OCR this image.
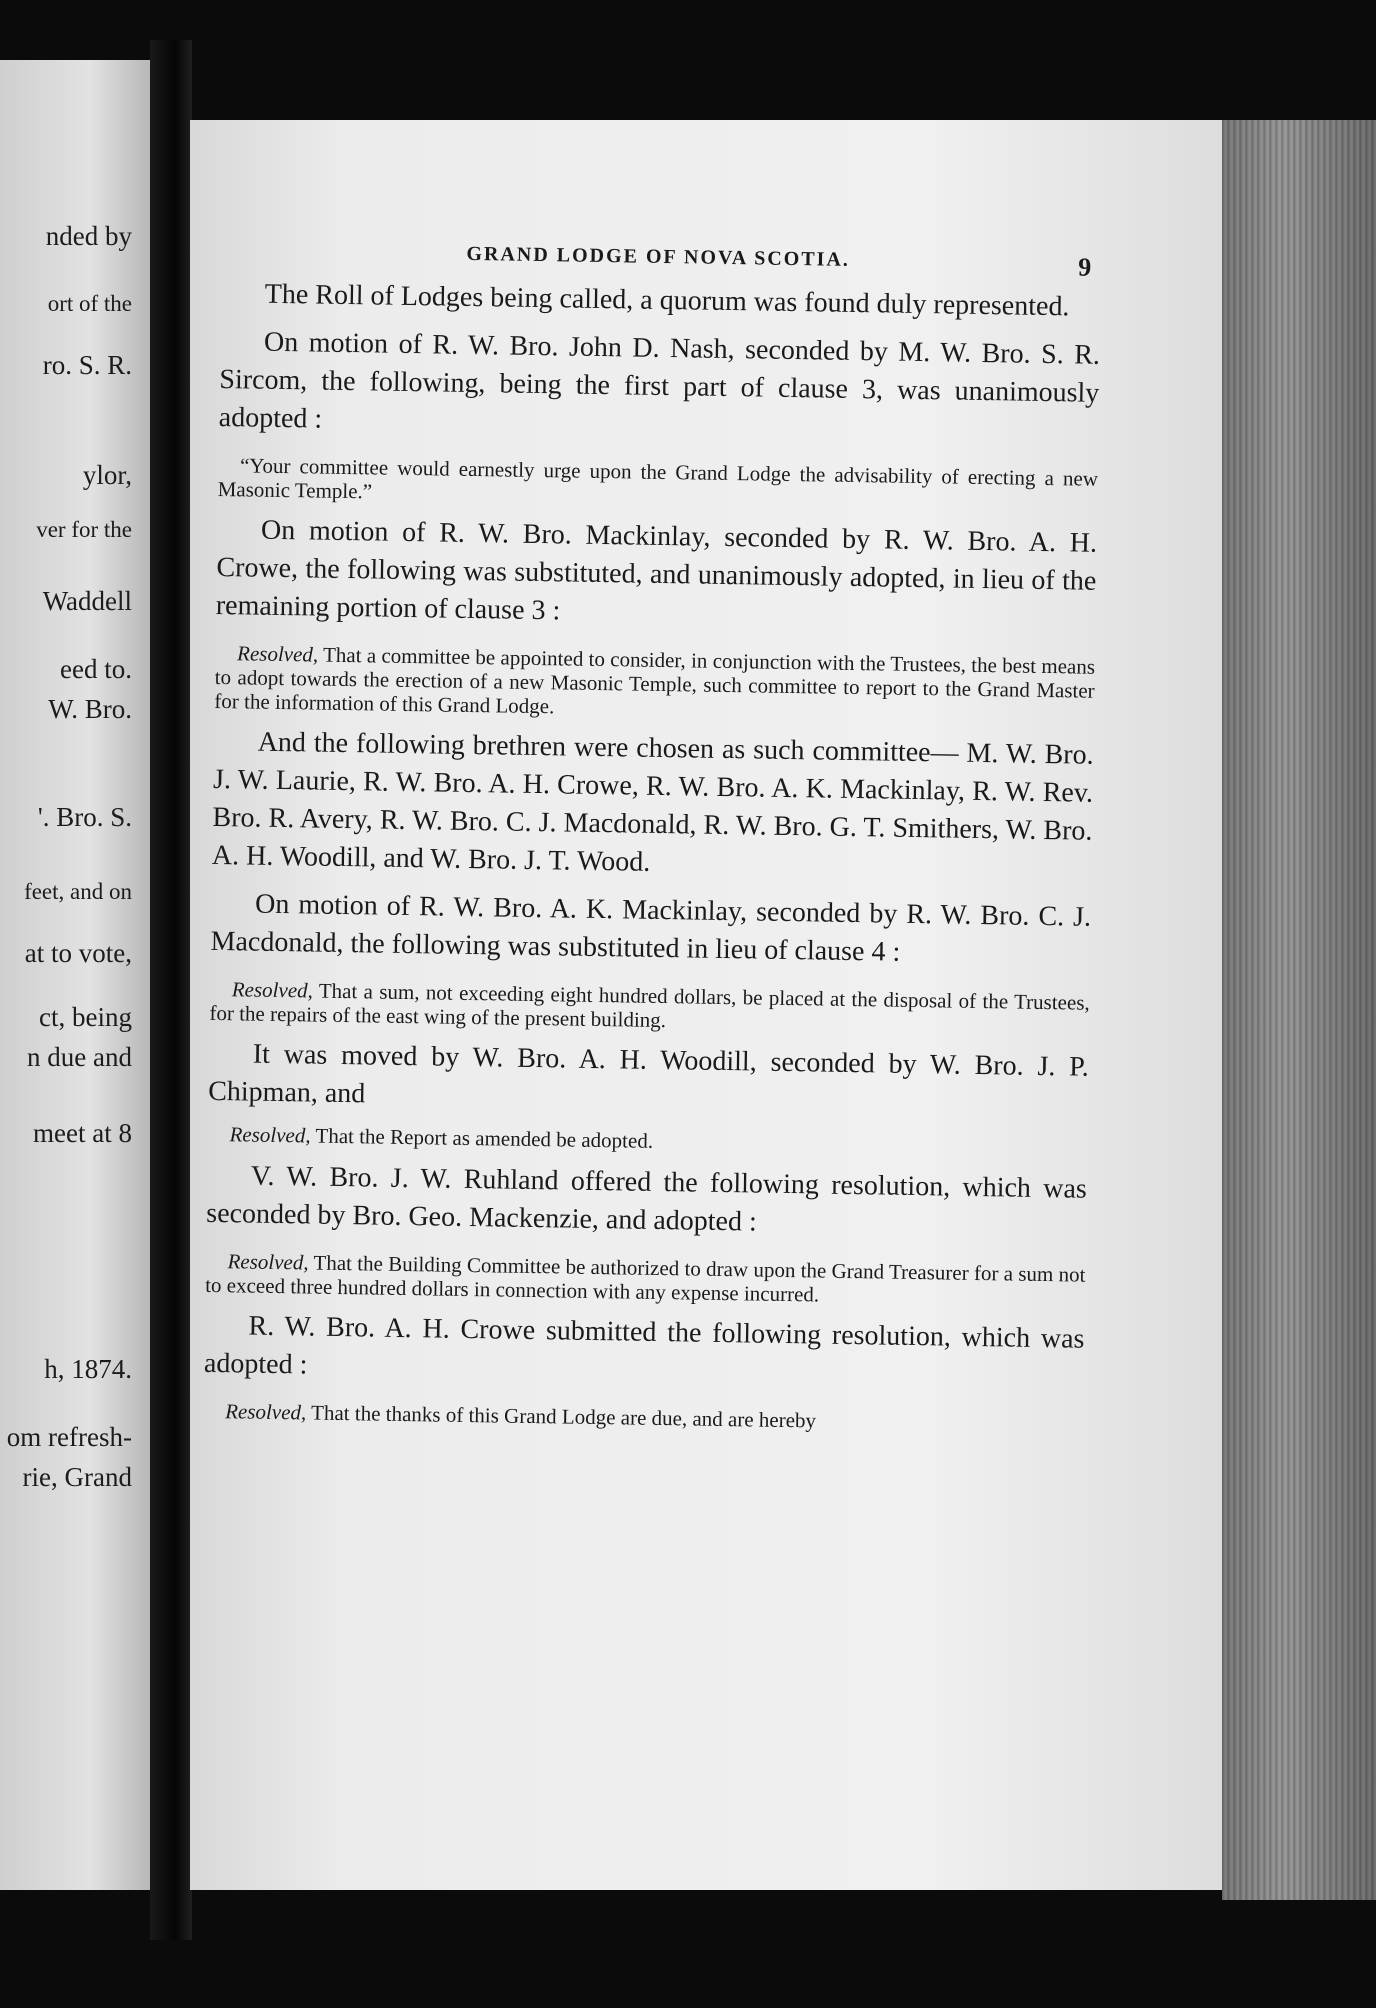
nded by
ort of the
ro. S. R.
ylor,
ver for the
Waddell
eed to.
W. Bro.
'. Bro. S.
feet, and on
at to vote,
ct, being
n due and
meet at 8
h, 1874.
om refresh-
rie, Grand
GRAND LODGE OF NOVA SCOTIA.	9

The Roll of Lodges being called, a quorum was found duly represented.

On motion of R. W. Bro. John D. Nash, seconded by M. W. Bro. S. R. Sircom, the following, being the first part of clause 3, was unanimously adopted :

“Your committee would earnestly urge upon the Grand Lodge the advisability of erecting a new Masonic Temple.”

On motion of R. W. Bro. Mackinlay, seconded by R. W. Bro. A. H. Crowe, the following was substituted, and unanimously adopted, in lieu of the remaining portion of clause 3 :

Resolved, That a committee be appointed to consider, in conjunction with the Trustees, the best means to adopt towards the erection of a new Masonic Temple, such committee to report to the Grand Master for the information of this Grand Lodge.

And the following brethren were chosen as such committee— M. W. Bro. J. W. Laurie, R. W. Bro. A. H. Crowe, R. W. Bro. A. K. Mackinlay, R. W. Rev. Bro. R. Avery, R. W. Bro. C. J. Macdonald, R. W. Bro. G. T. Smithers, W. Bro. A. H. Woodill, and W. Bro. J. T. Wood.

On motion of R. W. Bro. A. K. Mackinlay, seconded by R. W. Bro. C. J. Macdonald, the following was substituted in lieu of clause 4 :

Resolved, That a sum, not exceeding eight hundred dollars, be placed at the disposal of the Trustees, for the repairs of the east wing of the present building.

It was moved by W. Bro. A. H. Woodill, seconded by W. Bro. J. P. Chipman, and

Resolved, That the Report as amended be adopted.

V. W. Bro. J. W. Ruhland offered the following resolution, which was seconded by Bro. Geo. Mackenzie, and adopted :

Resolved, That the Building Committee be authorized to draw upon the Grand Treasurer for a sum not to exceed three hundred dollars in connection with any expense incurred.

R. W. Bro. A. H. Crowe submitted the following resolution, which was adopted :

Resolved, That the thanks of this Grand Lodge are due, and are hereby
